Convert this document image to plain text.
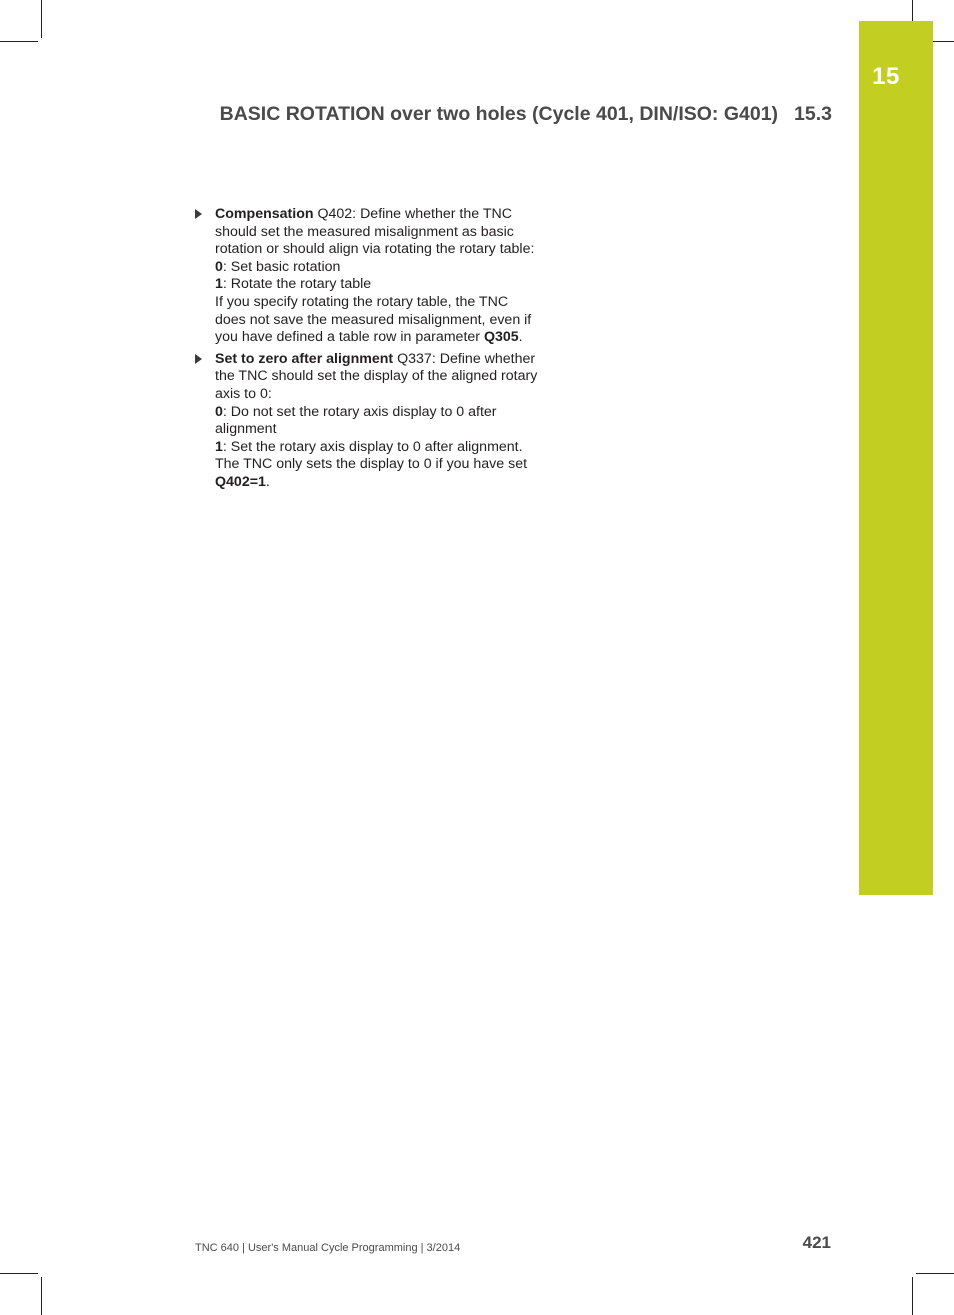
15
BASIC ROTATION over two holes (Cycle 401, DIN/ISO: G401) 15.3
Compensation Q402: Define whether the TNC
should set the measured misalignment as basic
rotation or should align via rotating the rotary table:
0: Set basic rotation
1: Rotate the rotary table
If you specify rotating the rotary table, the TNC
does not save the measured misalignment, even if
you have defined a table row in parameter Q305.
Set to zero after alignment Q337: Define whether
the TNC should set the display of the aligned rotary
axis to 0:
0: Do not set the rotary axis display to 0 after
alignment
1: Set the rotary axis display to 0 after alignment.
The TNC only sets the display to 0 if you have set
Q402=1.
TNC 640 | User's Manual Cycle Programming | 3/2014	421
